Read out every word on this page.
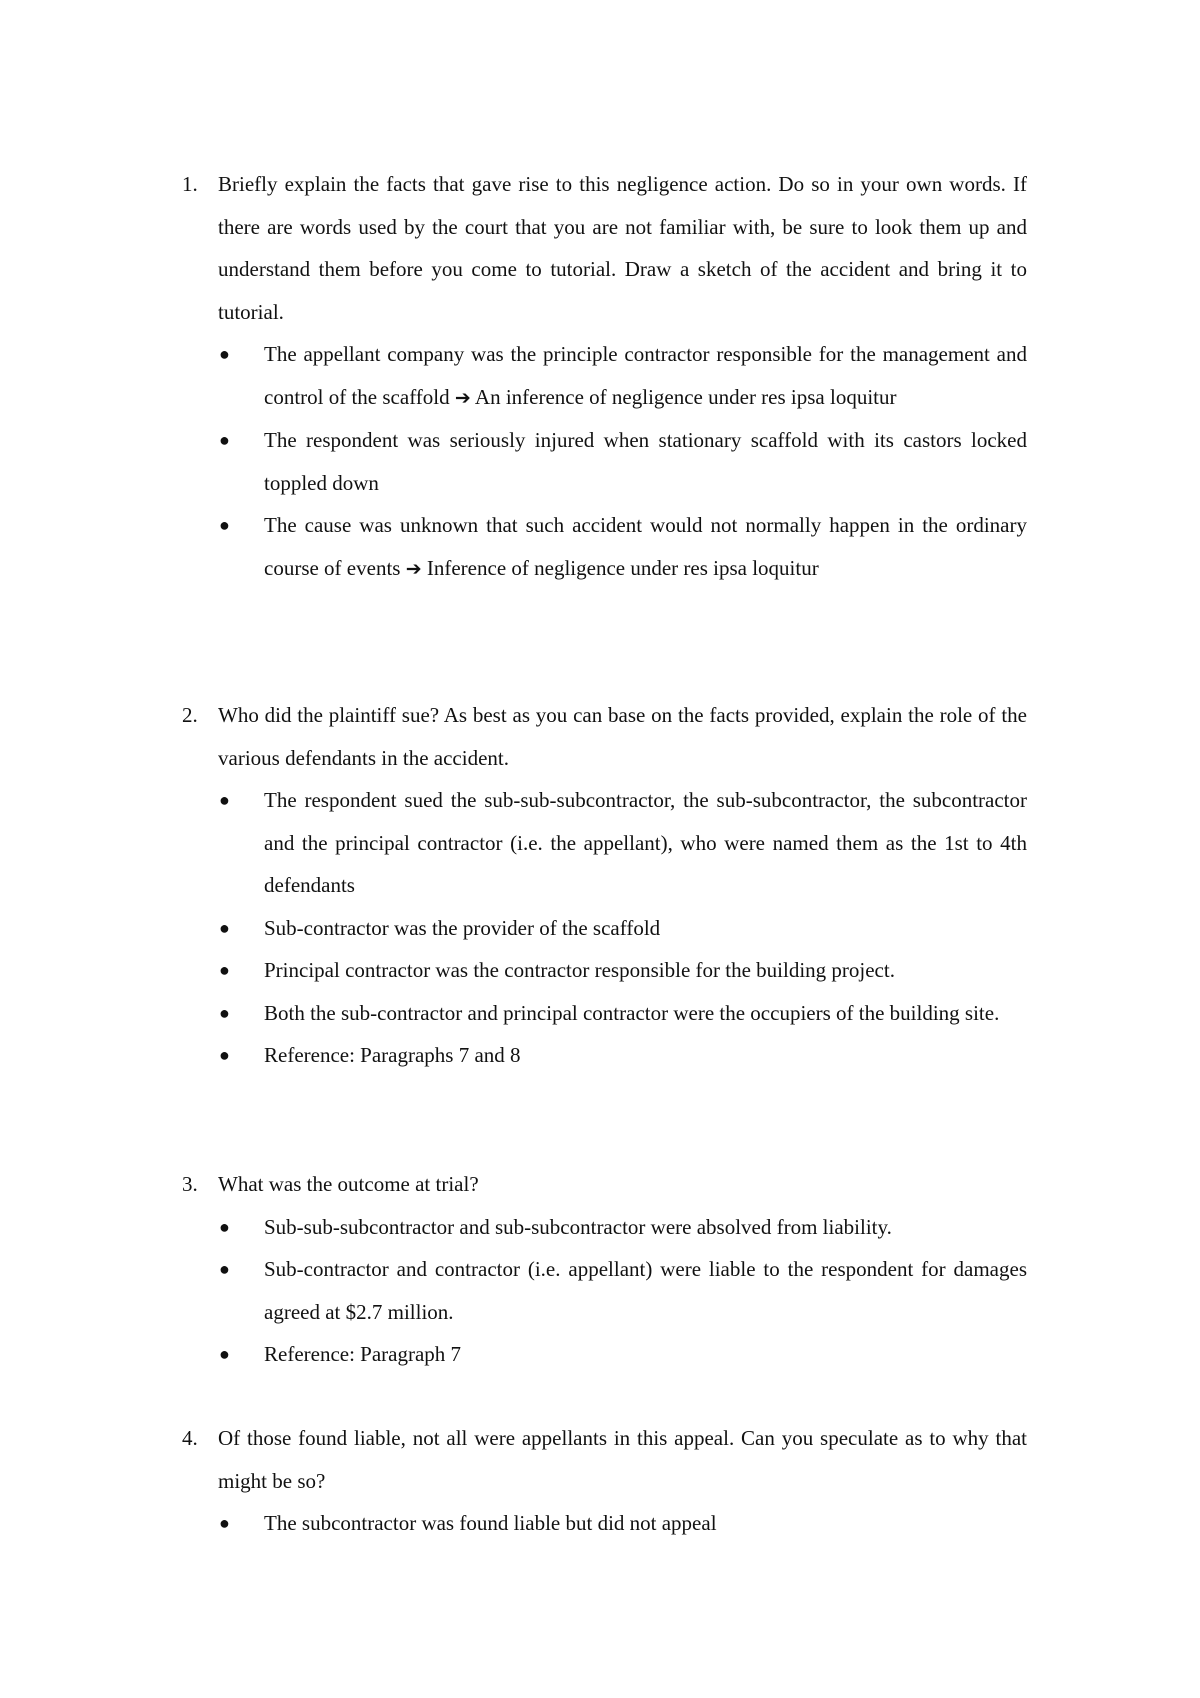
1. Briefly explain the facts that gave rise to this negligence action. Do so in your own words. If there are words used by the court that you are not familiar with, be sure to look them up and understand them before you come to tutorial. Draw a sketch of the accident and bring it to tutorial.
● The appellant company was the principle contractor responsible for the management and control of the scaffold ➔ An inference of negligence under res ipsa loquitur
● The respondent was seriously injured when stationary scaffold with its castors locked toppled down
● The cause was unknown that such accident would not normally happen in the ordinary course of events ➔ Inference of negligence under res ipsa loquitur
2. Who did the plaintiff sue? As best as you can base on the facts provided, explain the role of the various defendants in the accident.
● The respondent sued the sub-sub-subcontractor, the sub-subcontractor, the subcontractor and the principal contractor (i.e. the appellant), who were named them as the 1st to 4th defendants
● Sub-contractor was the provider of the scaffold
● Principal contractor was the contractor responsible for the building project.
● Both the sub-contractor and principal contractor were the occupiers of the building site.
● Reference: Paragraphs 7 and 8
3. What was the outcome at trial?
● Sub-sub-subcontractor and sub-subcontractor were absolved from liability.
● Sub-contractor and contractor (i.e. appellant) were liable to the respondent for damages agreed at $2.7 million.
● Reference: Paragraph 7
4. Of those found liable, not all were appellants in this appeal. Can you speculate as to why that might be so?
● The subcontractor was found liable but did not appeal
